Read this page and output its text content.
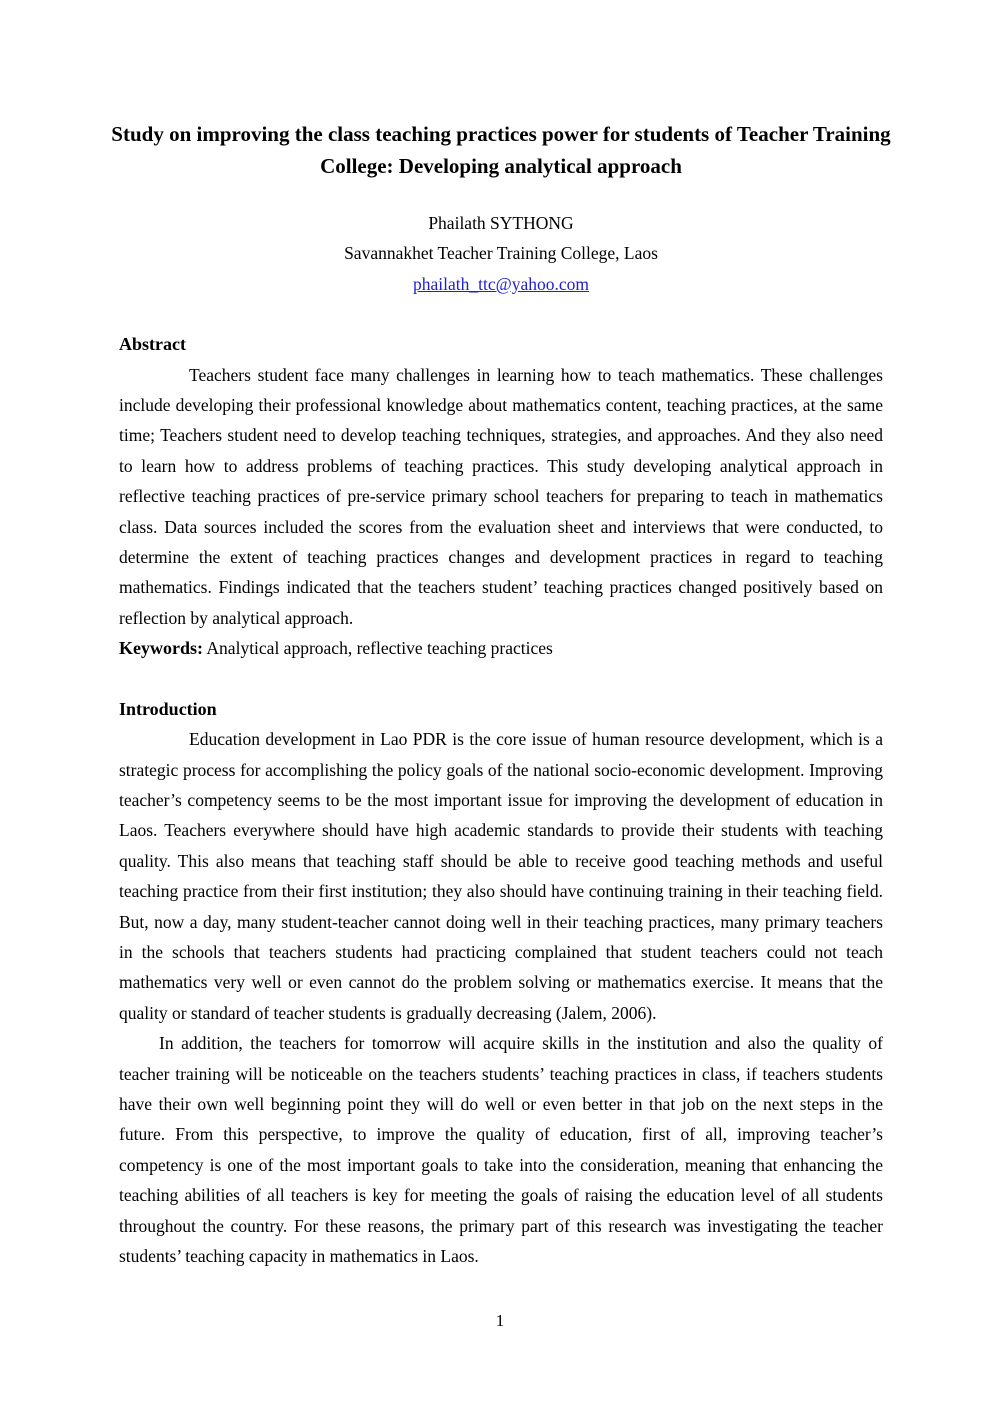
Study on improving the class teaching practices power for students of Teacher Training College: Developing analytical approach
Phailath SYTHONG
Savannakhet Teacher Training College, Laos
phailath_ttc@yahoo.com
Abstract

Teachers student face many challenges in learning how to teach mathematics. These challenges include developing their professional knowledge about mathematics content, teaching practices, at the same time; Teachers student need to develop teaching techniques, strategies, and approaches. And they also need to learn how to address problems of teaching practices. This study developing analytical approach in reflective teaching practices of pre-service primary school teachers for preparing to teach in mathematics class. Data sources included the scores from the evaluation sheet and interviews that were conducted, to determine the extent of teaching practices changes and development practices in regard to teaching mathematics. Findings indicated that the teachers student’ teaching practices changed positively based on reflection by analytical approach.

Keywords: Analytical approach, reflective teaching practices

Introduction

Education development in Lao PDR is the core issue of human resource development, which is a strategic process for accomplishing the policy goals of the national socio-economic development. Improving teacher’s competency seems to be the most important issue for improving the development of education in Laos. Teachers everywhere should have high academic standards to provide their students with teaching quality. This also means that teaching staff should be able to receive good teaching methods and useful teaching practice from their first institution; they also should have continuing training in their teaching field. But, now a day, many student-teacher cannot doing well in their teaching practices, many primary teachers in the schools that teachers students had practicing complained that student teachers could not teach mathematics very well or even cannot do the problem solving or mathematics exercise. It means that the quality or standard of teacher students is gradually decreasing (Jalem, 2006).

In addition, the teachers for tomorrow will acquire skills in the institution and also the quality of teacher training will be noticeable on the teachers students’ teaching practices in class, if teachers students have their own well beginning point they will do well or even better in that job on the next steps in the future. From this perspective, to improve the quality of education, first of all, improving teacher’s competency is one of the most important goals to take into the consideration, meaning that enhancing the teaching abilities of all teachers is key for meeting the goals of raising the education level of all students throughout the country. For these reasons, the primary part of this research was investigating the teacher students’ teaching capacity in mathematics in Laos.

1
